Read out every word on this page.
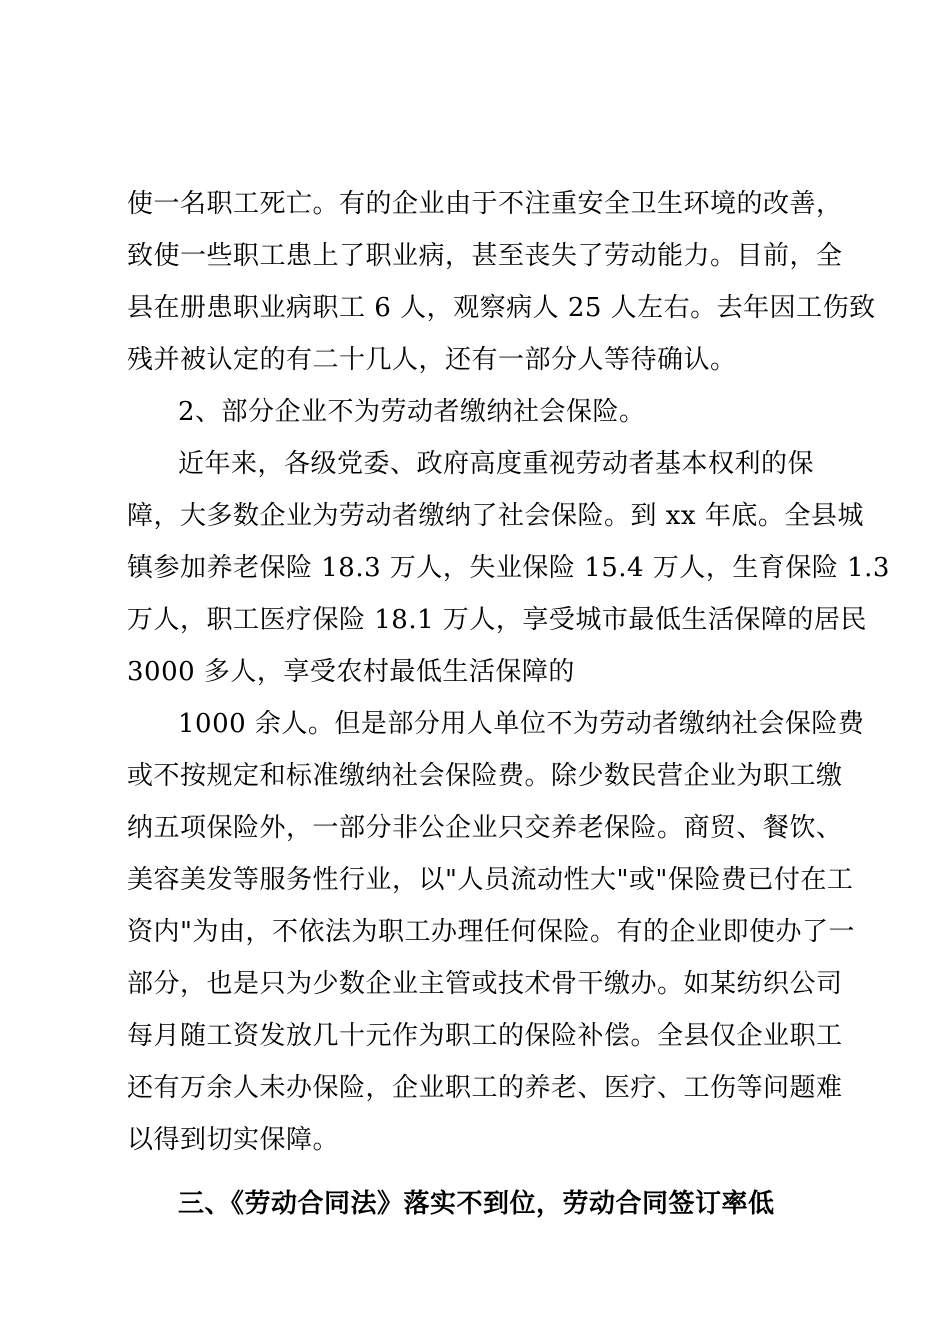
使一名职工死亡。有的企业由于不注重安全卫生环境的改善，
致使一些职工患上了职业病，甚至丧失了劳动能力。目前，全
县在册患职业病职工 6 人，观察病人 25 人左右。去年因工伤致
残并被认定的有二十几人，还有一部分人等待确认。
2、部分企业不为劳动者缴纳社会保险。
近年来，各级党委、政府高度重视劳动者基本权利的保
障，大多数企业为劳动者缴纳了社会保险。到 xx 年底。全县城
镇参加养老保险 18.3 万人，失业保险 15.4 万人，生育保险 1.3
万人，职工医疗保险 18.1 万人，享受城市最低生活保障的居民
3000 多人，享受农村最低生活保障的
1000 余人。但是部分用人单位不为劳动者缴纳社会保险费
或不按规定和标准缴纳社会保险费。除少数民营企业为职工缴
纳五项保险外，一部分非公企业只交养老保险。商贸、餐饮、
美容美发等服务性行业，以"人员流动性大"或"保险费已付在工
资内"为由，不依法为职工办理任何保险。有的企业即使办了一
部分，也是只为少数企业主管或技术骨干缴办。如某纺织公司
每月随工资发放几十元作为职工的保险补偿。全县仅企业职工
还有万余人未办保险，企业职工的养老、医疗、工伤等问题难
以得到切实保障。
三、《劳动合同法》落实不到位，劳动合同签订率低
